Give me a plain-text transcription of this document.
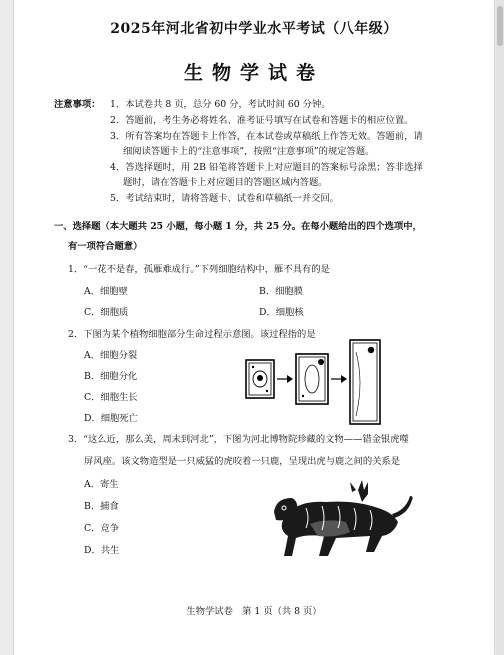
2025年河北省初中学业水平考试（八年级）
生物学试卷
注意事项： 1．本试卷共 8 页，总分 60 分，考试时间 60 分钟。
2．答题前，考生务必将姓名、准考证号填写在试卷和答题卡的相应位置。
3．所有答案均在答题卡上作答，在本试卷或草稿纸上作答无效。答题前，请
细阅读答题卡上的“注意事项”，按照“注意事项”的规定答题。
4．答选择题时，用 2B 铅笔将答题卡上对应题目的答案标号涂黑；答非选择
题时，请在答题卡上对应题目的答题区域内答题。
5．考试结束时，请将答题卡、试卷和草稿纸一并交回。
一、选择题（本大题共 25 小题，每小题 1 分，共 25 分。在每小题给出的四个选项中，
有一项符合题意）
1．“一花不是春，孤雁难成行。”下列细胞结构中，雁不具有的是
A．细胞壁	B．细胞膜
C．细胞质	D．细胞核
2．下图为某个植物细胞部分生命过程示意图。该过程指的是
A．细胞分裂
B．细胞分化
C．细胞生长
D．细胞死亡
3．“这么近，那么美，周末到河北”，下图为河北博物院珍藏的文物——错金银虎噬
屏风座。该文物造型是一只威猛的虎咬着一只鹿，呈现出虎与鹿之间的关系是
A．寄生
B．捕食
C．竞争
D．共生
生物学试卷　第 1 页（共 8 页）
